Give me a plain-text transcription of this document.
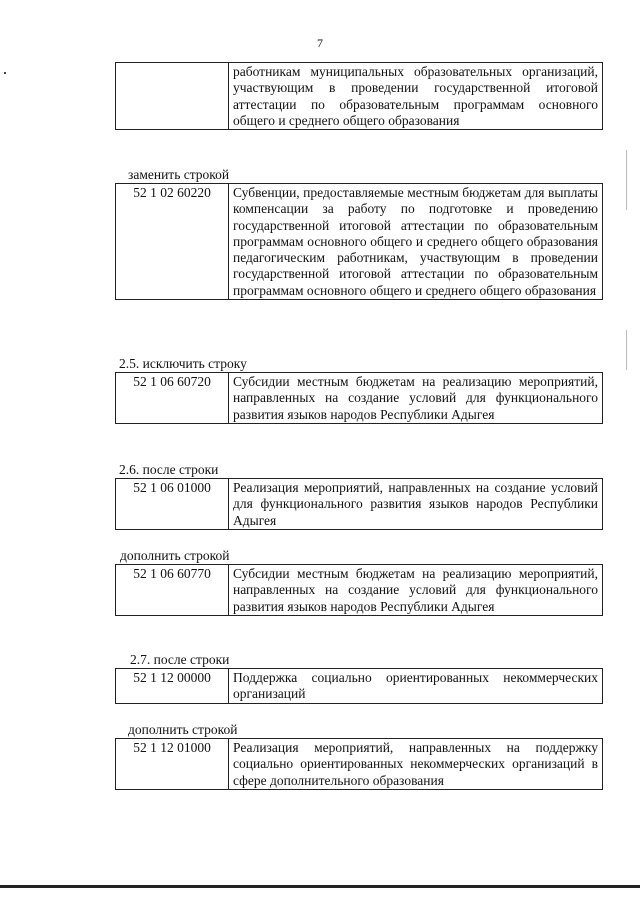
7
	работникам муниципальных образовательных организаций, участвующим в проведении государственной итоговой аттестации по образовательным программам основного общего и среднего общего образования
заменить строкой
52 1 02 60220	Субвенции, предоставляемые местным бюджетам для выплаты компенсации за работу по подготовке и проведению государственной итоговой аттестации по образовательным программам основного общего и среднего общего образования педагогическим работникам, участвующим в проведении государственной итоговой аттестации по образовательным программам основного общего и среднего общего образования
2.5. исключить строку
52 1 06 60720	Субсидии местным бюджетам на реализацию мероприятий, направленных на создание условий для функционального развития языков народов Республики Адыгея
2.6. после строки
52 1 06 01000	Реализация мероприятий, направленных на создание условий для функционального развития языков народов Республики Адыгея
дополнить строкой
52 1 06 60770	Субсидии местным бюджетам на реализацию мероприятий, направленных на создание условий для функционального развития языков народов Республики Адыгея
2.7. после строки
52 1 12 00000	Поддержка социально ориентированных некоммерческих организаций
дополнить строкой
52 1 12 01000	Реализация мероприятий, направленных на поддержку социально ориентированных некоммерческих организаций в сфере дополнительного образования
